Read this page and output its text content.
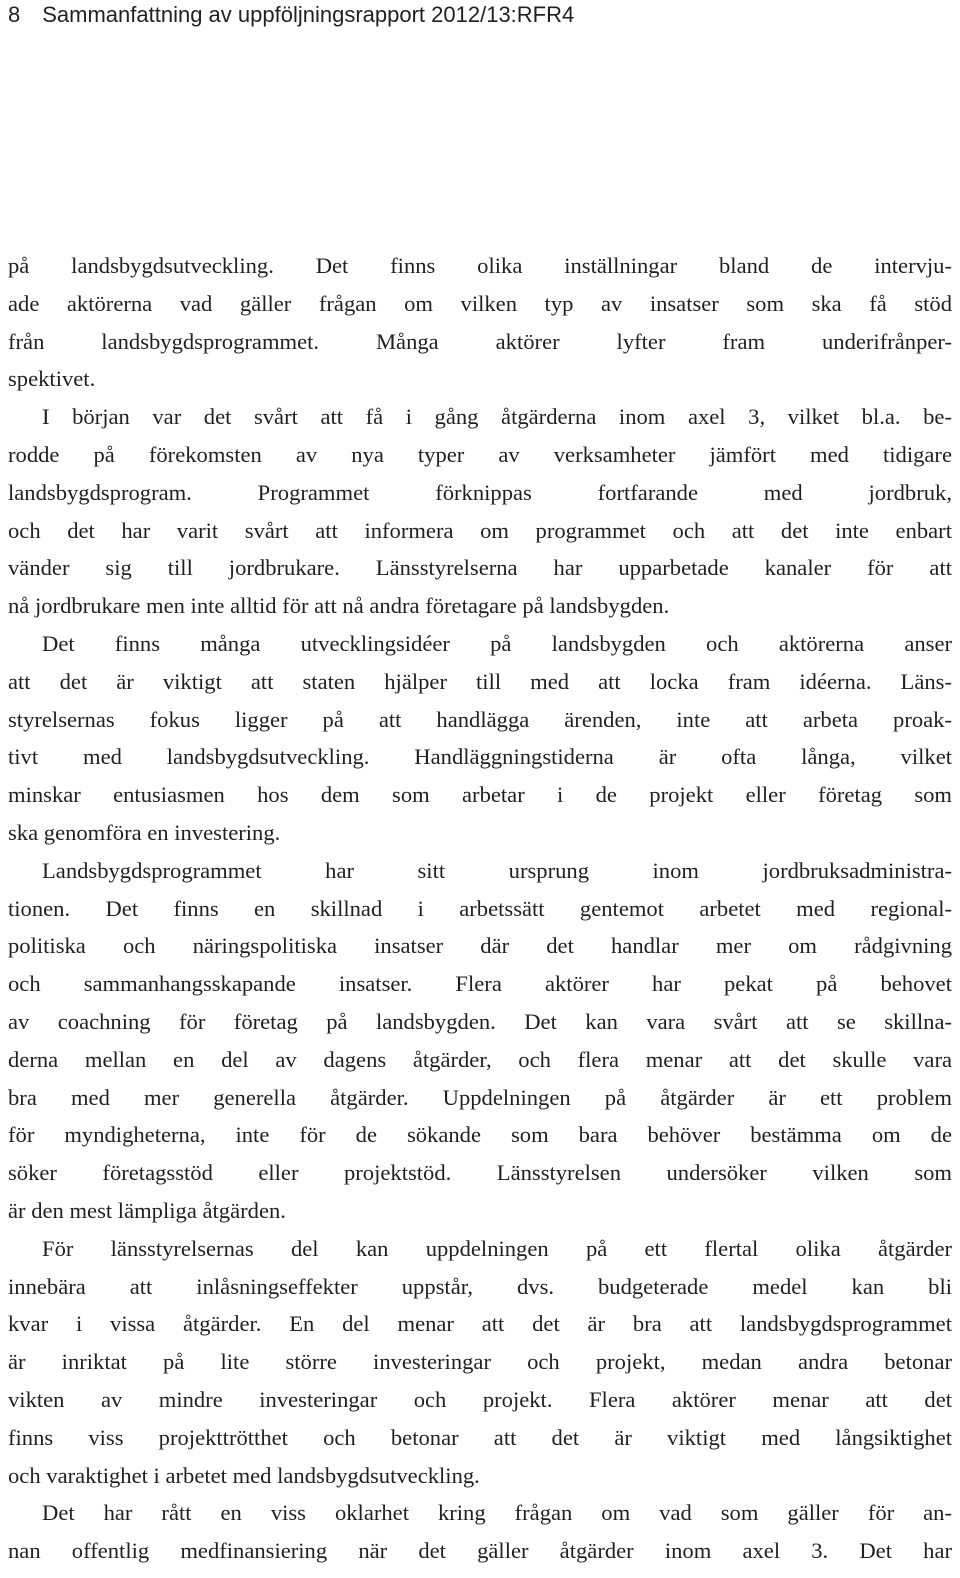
8 Sammanfattning av uppföljningsrapport 2012/13:RFR4
på landsbygdsutveckling. Det finns olika inställningar bland de intervju-
ade aktörerna vad gäller frågan om vilken typ av insatser som ska få stöd
från landsbygdsprogrammet. Många aktörer lyfter fram underifrånper-
spektivet.
I början var det svårt att få i gång åtgärderna inom axel 3, vilket bl.a. be-
rodde på förekomsten av nya typer av verksamheter jämfört med tidigare
landsbygdsprogram. Programmet förknippas fortfarande med jordbruk,
och det har varit svårt att informera om programmet och att det inte enbart
vänder sig till jordbrukare. Länsstyrelserna har upparbetade kanaler för att
nå jordbrukare men inte alltid för att nå andra företagare på landsbygden.
Det finns många utvecklingsidéer på landsbygden och aktörerna anser
att det är viktigt att staten hjälper till med att locka fram idéerna. Läns-
styrelsernas fokus ligger på att handlägga ärenden, inte att arbeta proak-
tivt med landsbygdsutveckling. Handläggningstiderna är ofta långa, vilket
minskar entusiasmen hos dem som arbetar i de projekt eller företag som
ska genomföra en investering.
Landsbygdsprogrammet har sitt ursprung inom jordbruksadministra-
tionen. Det finns en skillnad i arbetssätt gentemot arbetet med regional-
politiska och näringspolitiska insatser där det handlar mer om rådgivning
och sammanhangsskapande insatser. Flera aktörer har pekat på behovet
av coachning för företag på landsbygden. Det kan vara svårt att se skillna-
derna mellan en del av dagens åtgärder, och flera menar att det skulle vara
bra med mer generella åtgärder. Uppdelningen på åtgärder är ett problem
för myndigheterna, inte för de sökande som bara behöver bestämma om de
söker företagsstöd eller projektstöd. Länsstyrelsen undersöker vilken som
är den mest lämpliga åtgärden.
För länsstyrelsernas del kan uppdelningen på ett flertal olika åtgärder
innebära att inlåsningseffekter uppstår, dvs. budgeterade medel kan bli
kvar i vissa åtgärder. En del menar att det är bra att landsbygdsprogrammet
är inriktat på lite större investeringar och projekt, medan andra betonar
vikten av mindre investeringar och projekt. Flera aktörer menar att det
finns viss projekttrötthet och betonar att det är viktigt med långsiktighet
och varaktighet i arbetet med landsbygdsutveckling.
Det har rått en viss oklarhet kring frågan om vad som gäller för an-
nan offentlig medfinansiering när det gäller åtgärder inom axel 3. Det har
